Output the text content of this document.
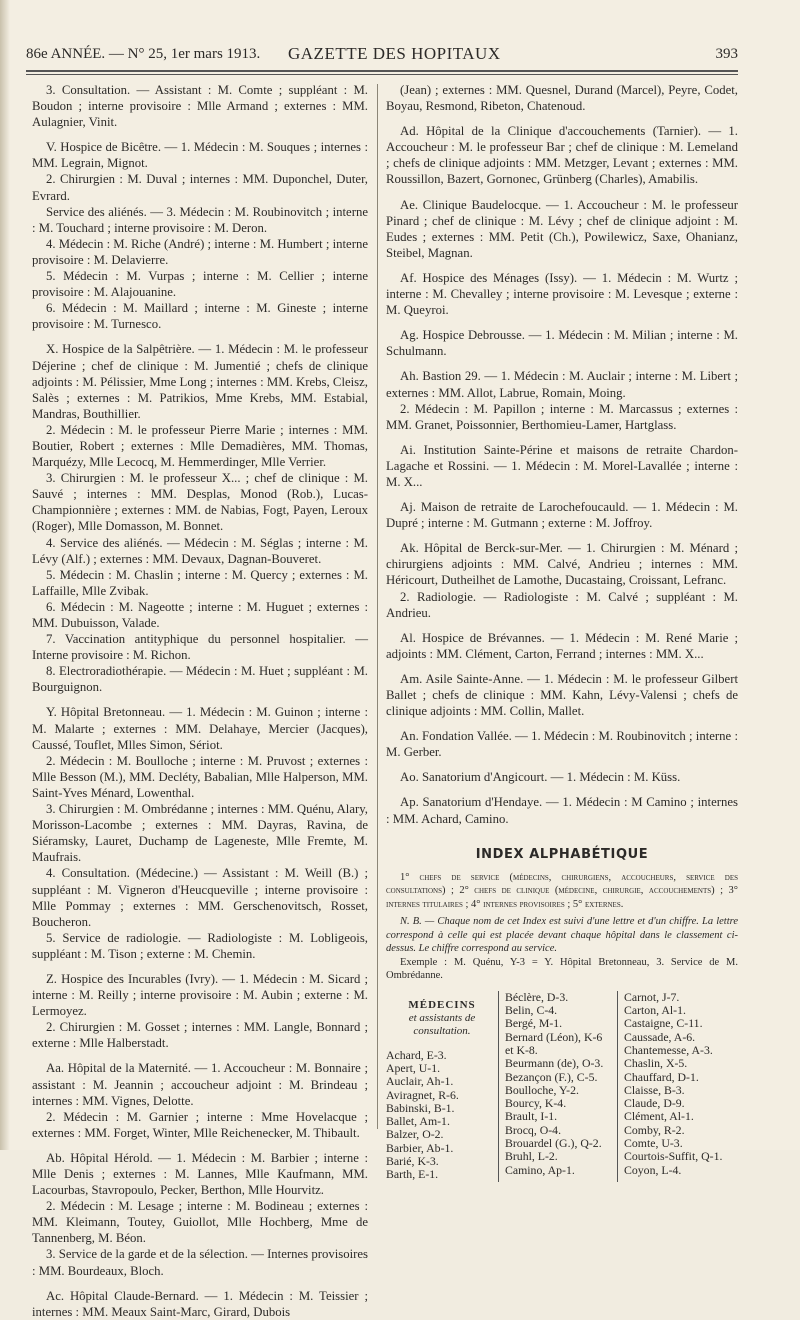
86e ANNÉE. — N° 25, 1er mars 1913. GAZETTE DES HOPITAUX	393

3. Consultation. — Assistant : M. Comte ; suppléant : M. Boudon ; interne provisoire : Mlle Armand ; externes : MM. Aulagnier, Vinit.

V. Hospice de Bicêtre. — 1. Médecin : M. Souques ; internes : MM. Legrain, Mignot.

2. Chirurgien : M. Duval ; internes : MM. Duponchel, Duter, Evrard.

Service des aliénés. — 3. Médecin : M. Roubinovitch ; interne : M. Touchard ; interne provisoire : M. Deron.

4. Médecin : M. Riche (André) ; interne : M. Humbert ; interne provisoire : M. Delavierre.

5. Médecin : M. Vurpas ; interne : M. Cellier ; interne provisoire : M. Alajouanine.

6. Médecin : M. Maillard ; interne : M. Gineste ; interne provisoire : M. Turnesco.

X. Hospice de la Salpêtrière. — 1. Médecin : M. le professeur Déjerine ; chef de clinique : M. Jumentié ; chefs de clinique adjoints : M. Pélissier, Mme Long ; internes : MM. Krebs, Cleisz, Salès ; externes : M. Patrikios, Mme Krebs, MM. Estabial, Mandras, Bouthillier.

2. Médecin : M. le professeur Pierre Marie ; internes : MM. Boutier, Robert ; externes : Mlle Demadières, MM. Thomas, Marquézy, Mlle Lecocq, M. Hemmerdinger, Mlle Verrier.

3. Chirurgien : M. le professeur X... ; chef de clinique : M. Sauvé ; internes : MM. Desplas, Monod (Rob.), Lucas-Championnière ; externes : MM. de Nabias, Fogt, Payen, Leroux (Roger), Mlle Domasson, M. Bonnet.

4. Service des aliénés. — Médecin : M. Séglas ; interne : M. Lévy (Alf.) ; externes : MM. Devaux, Dagnan-Bouveret.

5. Médecin : M. Chaslin ; interne : M. Quercy ; externes : M. Laffaille, Mlle Zvibak.

6. Médecin : M. Nageotte ; interne : M. Huguet ; externes : MM. Dubuisson, Valade.

7. Vaccination antityphique du personnel hospitalier. — Interne provisoire : M. Richon.

8. Electroradiothérapie. — Médecin : M. Huet ; suppléant : M. Bourguignon.

Y. Hôpital Bretonneau. — 1. Médecin : M. Guinon ; interne : M. Malarte ; externes : MM. Delahaye, Mercier (Jacques), Caussé, Touflet, Mlles Simon, Sériot.

2. Médecin : M. Boulloche ; interne : M. Pruvost ; externes : Mlle Besson (M.), MM. Decléty, Babalian, Mlle Halperson, MM. Saint-Yves Ménard, Lowenthal.

3. Chirurgien : M. Ombrédanne ; internes : MM. Quénu, Alary, Morisson-Lacombe ; externes : MM. Dayras, Ravina, de Siéramsky, Lauret, Duchamp de Lageneste, Mlle Fremte, M. Maufrais.

4. Consultation. (Médecine.) — Assistant : M. Weill (B.) ; suppléant : M. Vigneron d'Heucqueville ; interne provisoire : Mlle Pommay ; externes : MM. Gerschenovitsch, Rosset, Boucheron.

5. Service de radiologie. — Radiologiste : M. Lobligeois, suppléant : M. Tison ; externe : M. Chemin.

Z. Hospice des Incurables (Ivry). — 1. Médecin : M. Sicard ; interne : M. Reilly ; interne provisoire : M. Aubin ; externe : M. Lermoyez.

2. Chirurgien : M. Gosset ; internes : MM. Langle, Bonnard ; externe : Mlle Halberstadt.

Aa. Hôpital de la Maternité. — 1. Accoucheur : M. Bonnaire ; assistant : M. Jeannin ; accoucheur adjoint : M. Brindeau ; internes : MM. Vignes, Delotte.

2. Médecin : M. Garnier ; interne : Mme Hovelacque ; externes : MM. Forget, Winter, Mlle Reichenecker, M. Thibault.

Ab. Hôpital Hérold. — 1. Médecin : M. Barbier ; interne : Mlle Denis ; externes : M. Lannes, Mlle Kaufmann, MM. Lacourbas, Stavropoulo, Pecker, Berthon, Mlle Hourvitz.

2. Médecin : M. Lesage ; interne : M. Bodineau ; externes : MM. Kleimann, Toutey, Guiollot, Mlle Hochberg, Mme de Tannenberg, M. Béon.

3. Service de la garde et de la sélection. — Internes provisoires : MM. Bourdeaux, Bloch.

Ac. Hôpital Claude-Bernard. — 1. Médecin : M. Teissier ; internes : MM. Meaux Saint-Marc, Girard, Dubois

(Jean) ; externes : MM. Quesnel, Durand (Marcel), Peyre, Codet, Boyau, Resmond, Ribeton, Chatenoud.

Ad. Hôpital de la Clinique d'accouchements (Tarnier). — 1. Accoucheur : M. le professeur Bar ; chef de clinique : M. Lemeland ; chefs de clinique adjoints : MM. Metzger, Levant ; externes : MM. Roussillon, Bazert, Gornonec, Grünberg (Charles), Amabilis.

Ae. Clinique Baudelocque. — 1. Accoucheur : M. le professeur Pinard ; chef de clinique : M. Lévy ; chef de clinique adjoint : M. Eudes ; externes : MM. Petit (Ch.), Powilewicz, Saxe, Ohanianz, Steibel, Magnan.

Af. Hospice des Ménages (Issy). — 1. Médecin : M. Wurtz ; interne : M. Chevalley ; interne provisoire : M. Levesque ; externe : M. Queyroi.

Ag. Hospice Debrousse. — 1. Médecin : M. Milian ; interne : M. Schulmann.

Ah. Bastion 29. — 1. Médecin : M. Auclair ; interne : M. Libert ; externes : MM. Allot, Labrue, Romain, Moing.

2. Médecin : M. Papillon ; interne : M. Marcassus ; externes : MM. Granet, Poissonnier, Berthomieu-Lamer, Hartglass.

Ai. Institution Sainte-Périne et maisons de retraite Chardon-Lagache et Rossini. — 1. Médecin : M. Morel-Lavallée ; interne : M. X...

Aj. Maison de retraite de Larochefoucauld. — 1. Médecin : M. Dupré ; interne : M. Gutmann ; externe : M. Joffroy.

Ak. Hôpital de Berck-sur-Mer. — 1. Chirurgien : M. Ménard ; chirurgiens adjoints : MM. Calvé, Andrieu ; internes : MM. Héricourt, Dutheilhet de Lamothe, Ducastaing, Croissant, Lefranc.

2. Radiologie. — Radiologiste : M. Calvé ; suppléant : M. Andrieu.

Al. Hospice de Brévannes. — 1. Médecin : M. René Marie ; adjoints : MM. Clément, Carton, Ferrand ; internes : MM. X...

Am. Asile Sainte-Anne. — 1. Médecin : M. le professeur Gilbert Ballet ; chefs de clinique : MM. Kahn, Lévy-Valensi ; chefs de clinique adjoints : MM. Collin, Mallet.

An. Fondation Vallée. — 1. Médecin : M. Roubinovitch ; interne : M. Gerber.

Ao. Sanatorium d'Angicourt. — 1. Médecin : M. Küss.

Ap. Sanatorium d'Hendaye. — 1. Médecin : M Camino ; internes : MM. Achard, Camino.

INDEX ALPHABÉTIQUE

1° chefs de service (médecins, chirurgiens, accoucheurs, service des consultations) ; 2° chefs de clinique (médecine, chirurgie, accouchements) ; 3° internes titulaires ; 4° internes provisoires ; 5° externes.

N. B. — Chaque nom de cet Index est suivi d'une lettre et d'un chiffre. La lettre correspond à celle qui est placée devant chaque hôpital dans le classement ci-dessus. Le chiffre correspond au service.

Exemple : M. Quénu, Y-3 = Y. Hôpital Bretonneau, 3. Service de M. Ombrédanne.

MÉDECINS
et assistants de consultation.
Achard, E-3.
Apert, U-1.
Auclair, Ah-1.
Aviragnet, R-6.
Babinski, B-1.
Ballet, Am-1.
Balzer, O-2.
Barbier, Ab-1.
Barié, K-3.
Barth, E-1.
Béclère, D-3.
Belin, C-4.
Bergé, M-1.
Bernard (Léon), K-6
et K-8.
Beurmann (de), O-3.
Bezançon (F.), C-5.
Boulloche, Y-2.
Bourcy, K-4.
Brault, I-1.
Brocq, O-4.
Brouardel (G.), Q-2.
Bruhl, L-2.
Camino, Ap-1.
Carnot, J-7.
Carton, Al-1.
Castaigne, C-11.
Caussade, A-6.
Chantemesse, A-3.
Chaslin, X-5.
Chauffard, D-1.
Claisse, B-3.
Claude, D-9.
Clément, Al-1.
Comby, R-2.
Comte, U-3.
Courtois-Suffit, Q-1.
Coyon, L-4.
